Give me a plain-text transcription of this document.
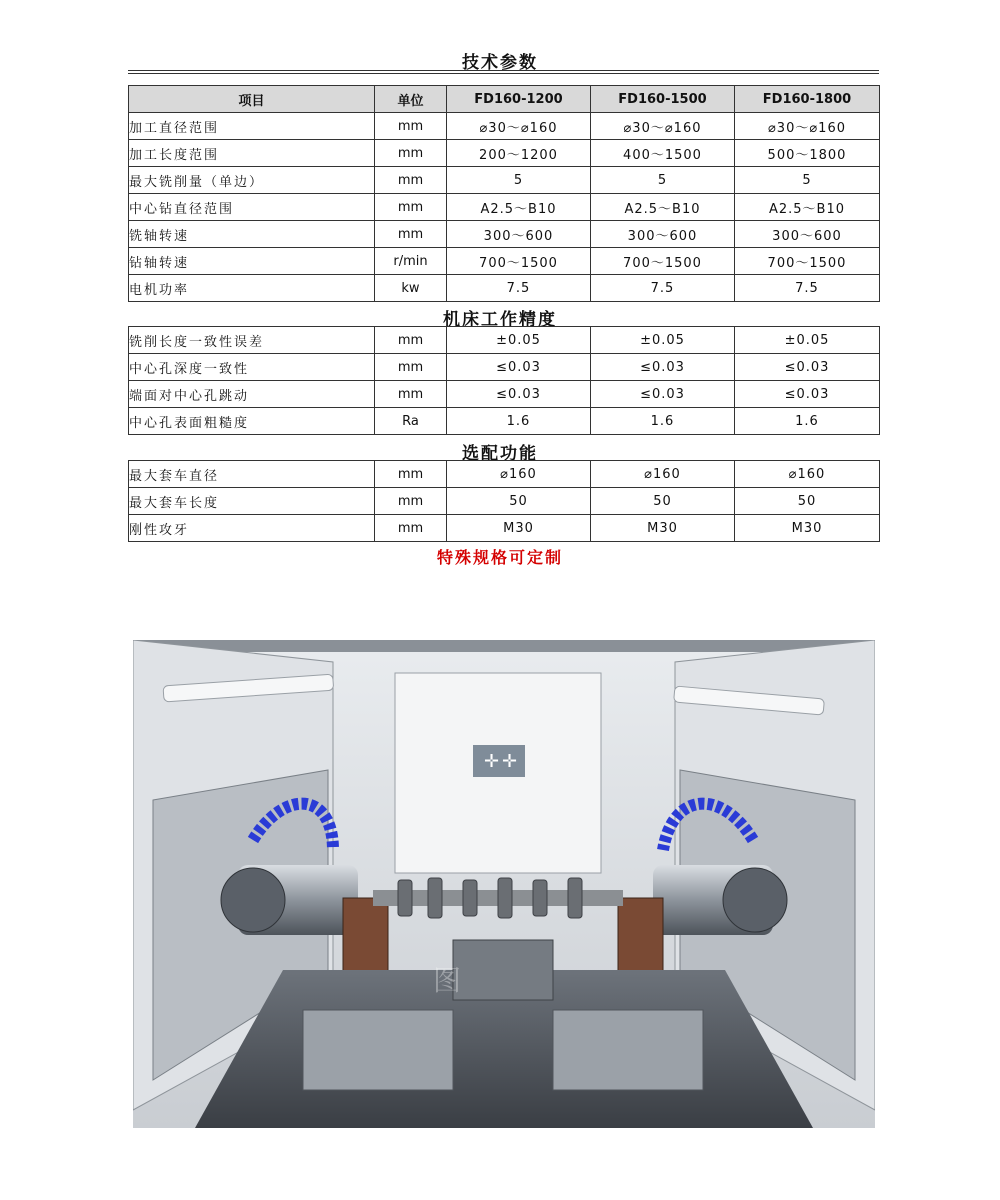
技术参数
项目	单位	FD160-1200	FD160-1500	FD160-1800
加工直径范围	mm	⌀30～⌀160	⌀30～⌀160	⌀30～⌀160
加工长度范围	mm	200～1200	400～1500	500～1800
最大铣削量（单边）	mm	5	5	5
中心钻直径范围	mm	A2.5～B10	A2.5～B10	A2.5～B10
铣轴转速	mm	300～600	300～600	300～600
钻轴转速	r/min	700～1500	700～1500	700～1500
电机功率	kw	7.5	7.5	7.5
机床工作精度
铣削长度一致性误差	mm	±0.05	±0.05	±0.05
中心孔深度一致性	mm	≤0.03	≤0.03	≤0.03
端面对中心孔跳动	mm	≤0.03	≤0.03	≤0.03
中心孔表面粗糙度	Ra	1.6	1.6	1.6
选配功能
最大套车直径	mm	⌀160	⌀160	⌀160
最大套车长度	mm	50	50	50
刚性攻牙	mm	M30	M30	M30
特殊规格可定制
✛ ✛
图
